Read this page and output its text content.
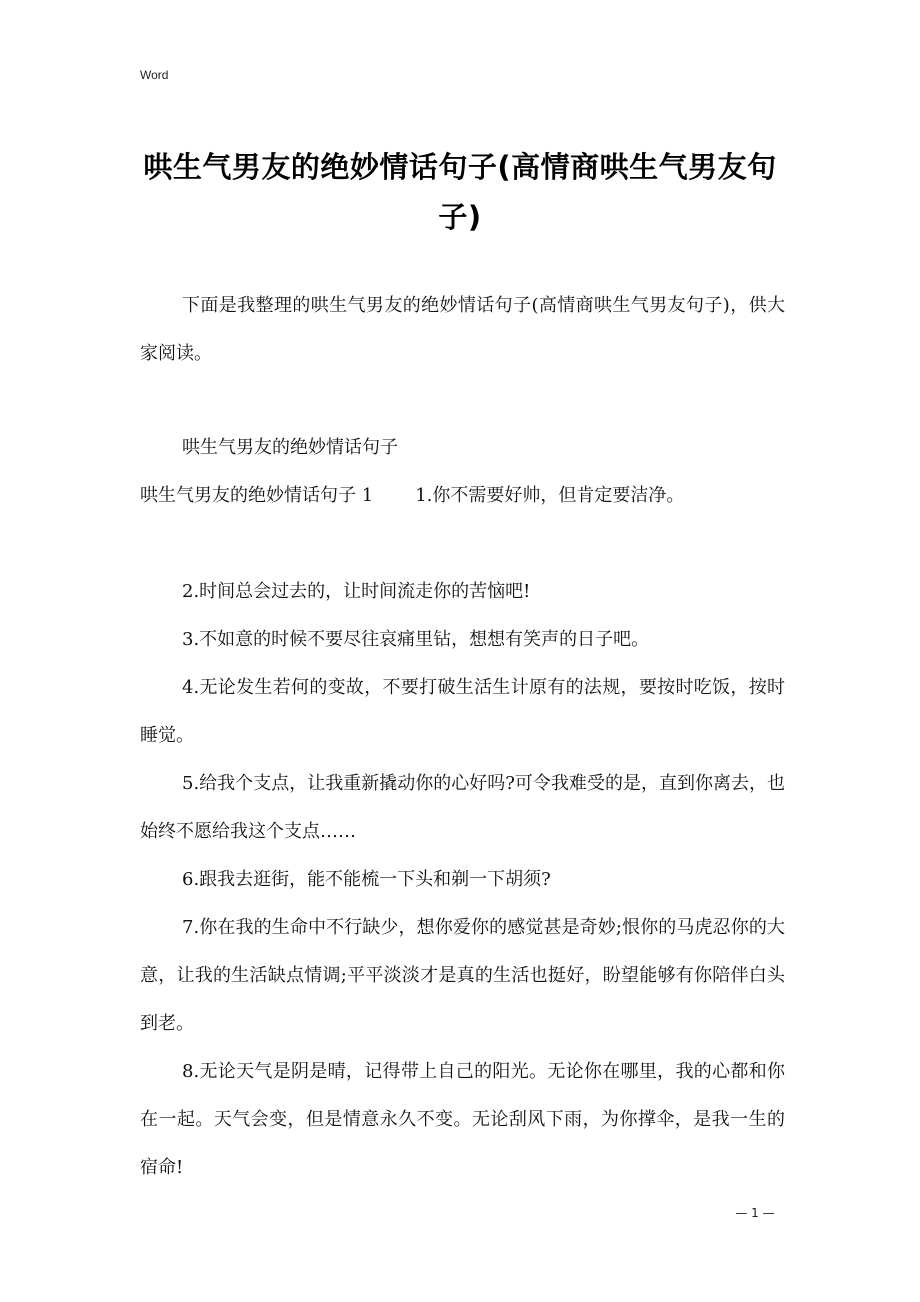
Word
哄生气男友的绝妙情话句子(高情商哄生气男友句子)

下面是我整理的哄生气男友的绝妙情话句子(高情商哄生气男友句子)，供大家阅读。

哄生气男友的绝妙情话句子

哄生气男友的绝妙情话句子 1 1.你不需要好帅，但肯定要洁净。

2.时间总会过去的，让时间流走你的苦恼吧!

3.不如意的时候不要尽往哀痛里钻，想想有笑声的日子吧。

4.无论发生若何的变故，不要打破生活生计原有的法规，要按时吃饭，按时睡觉。

5.给我个支点，让我重新撬动你的心好吗?可令我难受的是，直到你离去，也始终不愿给我这个支点……

6.跟我去逛街，能不能梳一下头和剃一下胡须?

7.你在我的生命中不行缺少，想你爱你的感觉甚是奇妙;恨你的马虎忍你的大意，让我的生活缺点情调;平平淡淡才是真的生活也挺好，盼望能够有你陪伴白头到老。

8.无论天气是阴是晴，记得带上自己的阳光。无论你在哪里，我的心都和你在一起。天气会变，但是情意永久不变。无论刮风下雨，为你撑伞，是我一生的宿命!

— 1 —
